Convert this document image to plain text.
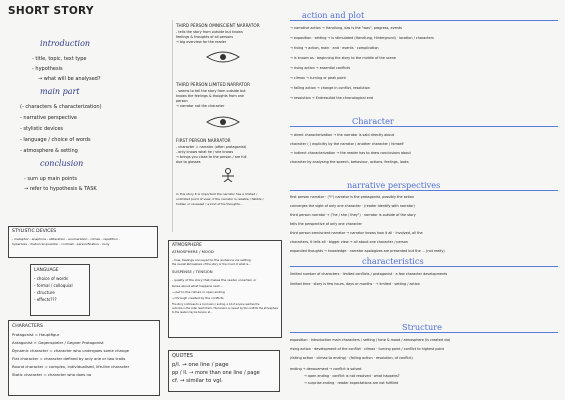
SHORT STORY
introduction
- title, topic, text type
- hypothesis
→ what will be analysed?
main part
(- characters & characterization)
- narrative perspective
- stylistic devices
- language / choice of words
- atmosphere & setting
conclusion
- sum up main points
→ refer to hypothesis & TASK
THIRD PERSON OMNISCIENT NARRATOR
- tells the story from outside but knows
feelings & thoughts of all persons
→ big overview for the reader
THIRD PERSON LIMITED NARRATOR
- seems to tell the story from outside but
knows the feelings & thoughts from one
person
→ narrator not the character
FIRST PERSON NARRATOR
- character = narrator (often protagonist)
- only knows what he / she knows
→ brings you close to the person / are full
due to glasses
In this story it is important the narrator has a limited /
unlimited point of view, if the narrator is reliable / fallible /
hidden or revealed / a kind of his thoughts...
STYLISTIC DEVICES
- metaphor - anaphora - alliteration - enumeration - climax - repetition -
hyperbole - rhetorical question - contrast - personification - irony
LANGUAGE
- choice of words
- formal / colloquial
- structure
- effects???
CHARACTERS
Protagonist = Hauptfigur
Antagonist = Gegenspieler / Gegner Protagonist
Dynamic character = character who undergoes some change
Flat character = character defined by only one or two traits
Round character = complex, individualised, life-like character
Static character = character who does no
ATMOSPHERE
ATMOSPHERE / MOOD
- how, feelings conveyed to the audience via setting
the overall atmosphere of the story or the mood of what is...
SUSPENSE / TENSION
- quality of the story that makes the reader uncertain or
tense about what happens next...
→ put to the climax or open ending
→ through created by the conflicts
The story continues to a conclusion / ending, a lot of anyone reaches the
outcome in the outer reach them, The tension is caused by the conflicts the atmosphere
to the reader may be tension at...
QUOTES
p/l. → one line / page
pp / ll. → more than one line / page
cf. → similar to vgl.
action and plot
→ narrative action → Handlung, das is the "was", progress, events
→ exposition · setting → is stimulated (Handlung, Hintergrund) · location / characters
→ rising → action, main · and · events · complication
→ is known as · beginning the story to the middle of the scene
→ rising action → essential conflicts
→ climax → turning or peak point
→ falling action → change in conflict, resolution
→ resolution → Endresultat the chronological end
Character
→ direct characterization → the narrator is said directly about
character ( ) explicitly by the narrator / another character / himself
→ indirect characterization → the reader has to draw conclusions about
character by analysing the speech, behaviour, actions, feelings, looks
narrative perspectives
first person narrator · ("I") narrator is the protagonist, possibly the action
converges the sight of only one character · (reader identify with narrator)
third person narrator → ("he / she / they") · narrator is outside of the story
tells the perspective of only one character
third person omniscient narrator → narrator knows how it all · involved, all the
characters, it tells all · bigger view → all about one character / person
expanded thoughts → knowledge · narrator apologizes are presented but the ... (not really)
characteristics
limited number of characters · limited conflicts / protagonist · a few character developments
limited time · story is few hours, days or months · → limited · setting / action
Structure
exposition · introduction main characters / setting / tone & mood / atmosphere (is created via)
rising action · development of the conflict · climax · turning point / conflict to highest point
(falling action · climax to ending) · (falling action · resolution, of conflict)
ending → denouement → conflict is solved
→ open ending · conflict is not resolved · what happens?
→ surprise ending · reader expectations are not fulfilled
